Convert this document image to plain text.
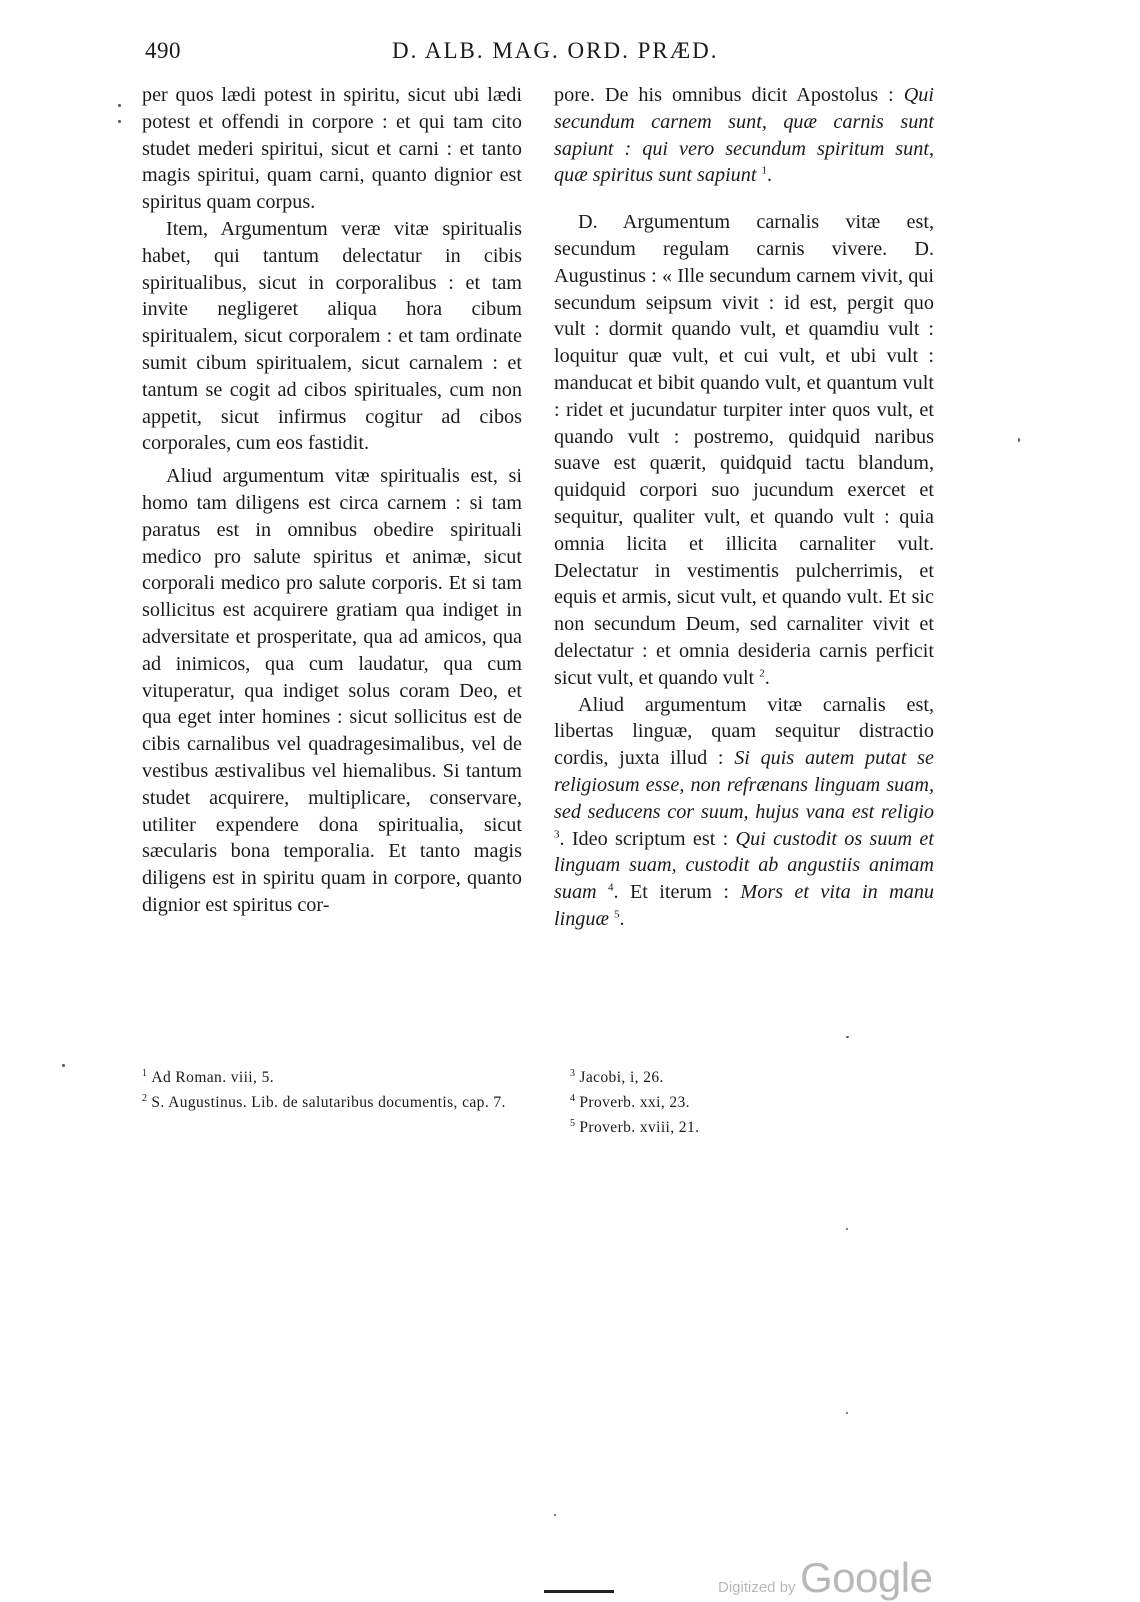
490	D. ALB. MAG. ORD. PRÆD.

per quos lædi potest in spiritu, sicut ubi lædi potest et offendi in corpore : et qui tam cito studet mederi spiritui, sicut et carni : et tanto magis spiritui, quam carni, quanto dignior est spiritus quam corpus.

Item, Argumentum veræ vitæ spiritualis habet, qui tantum delectatur in cibis spiritualibus, sicut in corporalibus : et tam invite negligeret aliqua hora cibum spiritualem, sicut corporalem : et tam ordinate sumit cibum spiritualem, sicut carnalem : et tantum se cogit ad cibos spirituales, cum non appetit, sicut infirmus cogitur ad cibos corporales, cum eos fastidit.

Aliud argumentum vitæ spiritualis est, si homo tam diligens est circa carnem : si tam paratus est in omnibus obedire spirituali medico pro salute spiritus et animæ, sicut corporali medico pro salute corporis. Et si tam sollicitus est acquirere gratiam qua indiget in adversitate et prosperitate, qua ad amicos, qua ad inimicos, qua cum laudatur, qua cum vituperatur, qua indiget solus coram Deo, et qua eget inter homines : sicut sollicitus est de cibis carnalibus vel quadragesimalibus, vel de vestibus æstivalibus vel hiemalibus. Si tantum studet acquirere, multiplicare, conservare, utiliter expendere dona spiritualia, sicut sæcularis bona temporalia. Et tanto magis diligens est in spiritu quam in corpore, quanto dignior est spiritus cor-

pore. De his omnibus dicit Apostolus : Qui secundum carnem sunt, quæ carnis sunt sapiunt : qui vero secundum spiritum sunt, quæ spiritus sunt sapiunt $^1$.

D. Argumentum carnalis vitæ est, secundum regulam carnis vivere. D. Augustinus : « Ille secundum carnem vivit, qui secundum seipsum vivit : id est, pergit quo vult : dormit quando vult, et quamdiu vult : loquitur quæ vult, et cui vult, et ubi vult : manducat et bibit quando vult, et quantum vult : ridet et jucundatur turpiter inter quos vult, et quando vult : postremo, quidquid naribus suave est quærit, quidquid tactu blandum, quidquid corpori suo jucundum exercet et sequitur, qualiter vult, et quando vult : quia omnia licita et illicita carnaliter vult. Delectatur in vestimentis pulcherrimis, et equis et armis, sicut vult, et quando vult. Et sic non secundum Deum, sed carnaliter vivit et delectatur : et omnia desideria carnis perficit sicut vult, et quando vult $^2$.

Aliud argumentum vitæ carnalis est, libertas linguæ, quam sequitur distractio cordis, juxta illud : Si quis autem putat se religiosum esse, non refrænans linguam suam, sed seducens cor suum, hujus vana est religio $^3$. Ideo scriptum est : Qui custodit os suum et linguam suam, custodit ab angustiis animam suam $^4$. Et iterum : Mors et vita in manu linguæ $^5$.

$^1$ Ad Roman. viii, 5.

$^2$ S. Augustinus. Lib. de salutaribus documentis, cap. 7.

$^3$ Jacobi, i, 26.

$^4$ Proverb. xxi, 23.

$^5$ Proverb. xviii, 21.

Digitized by Google
